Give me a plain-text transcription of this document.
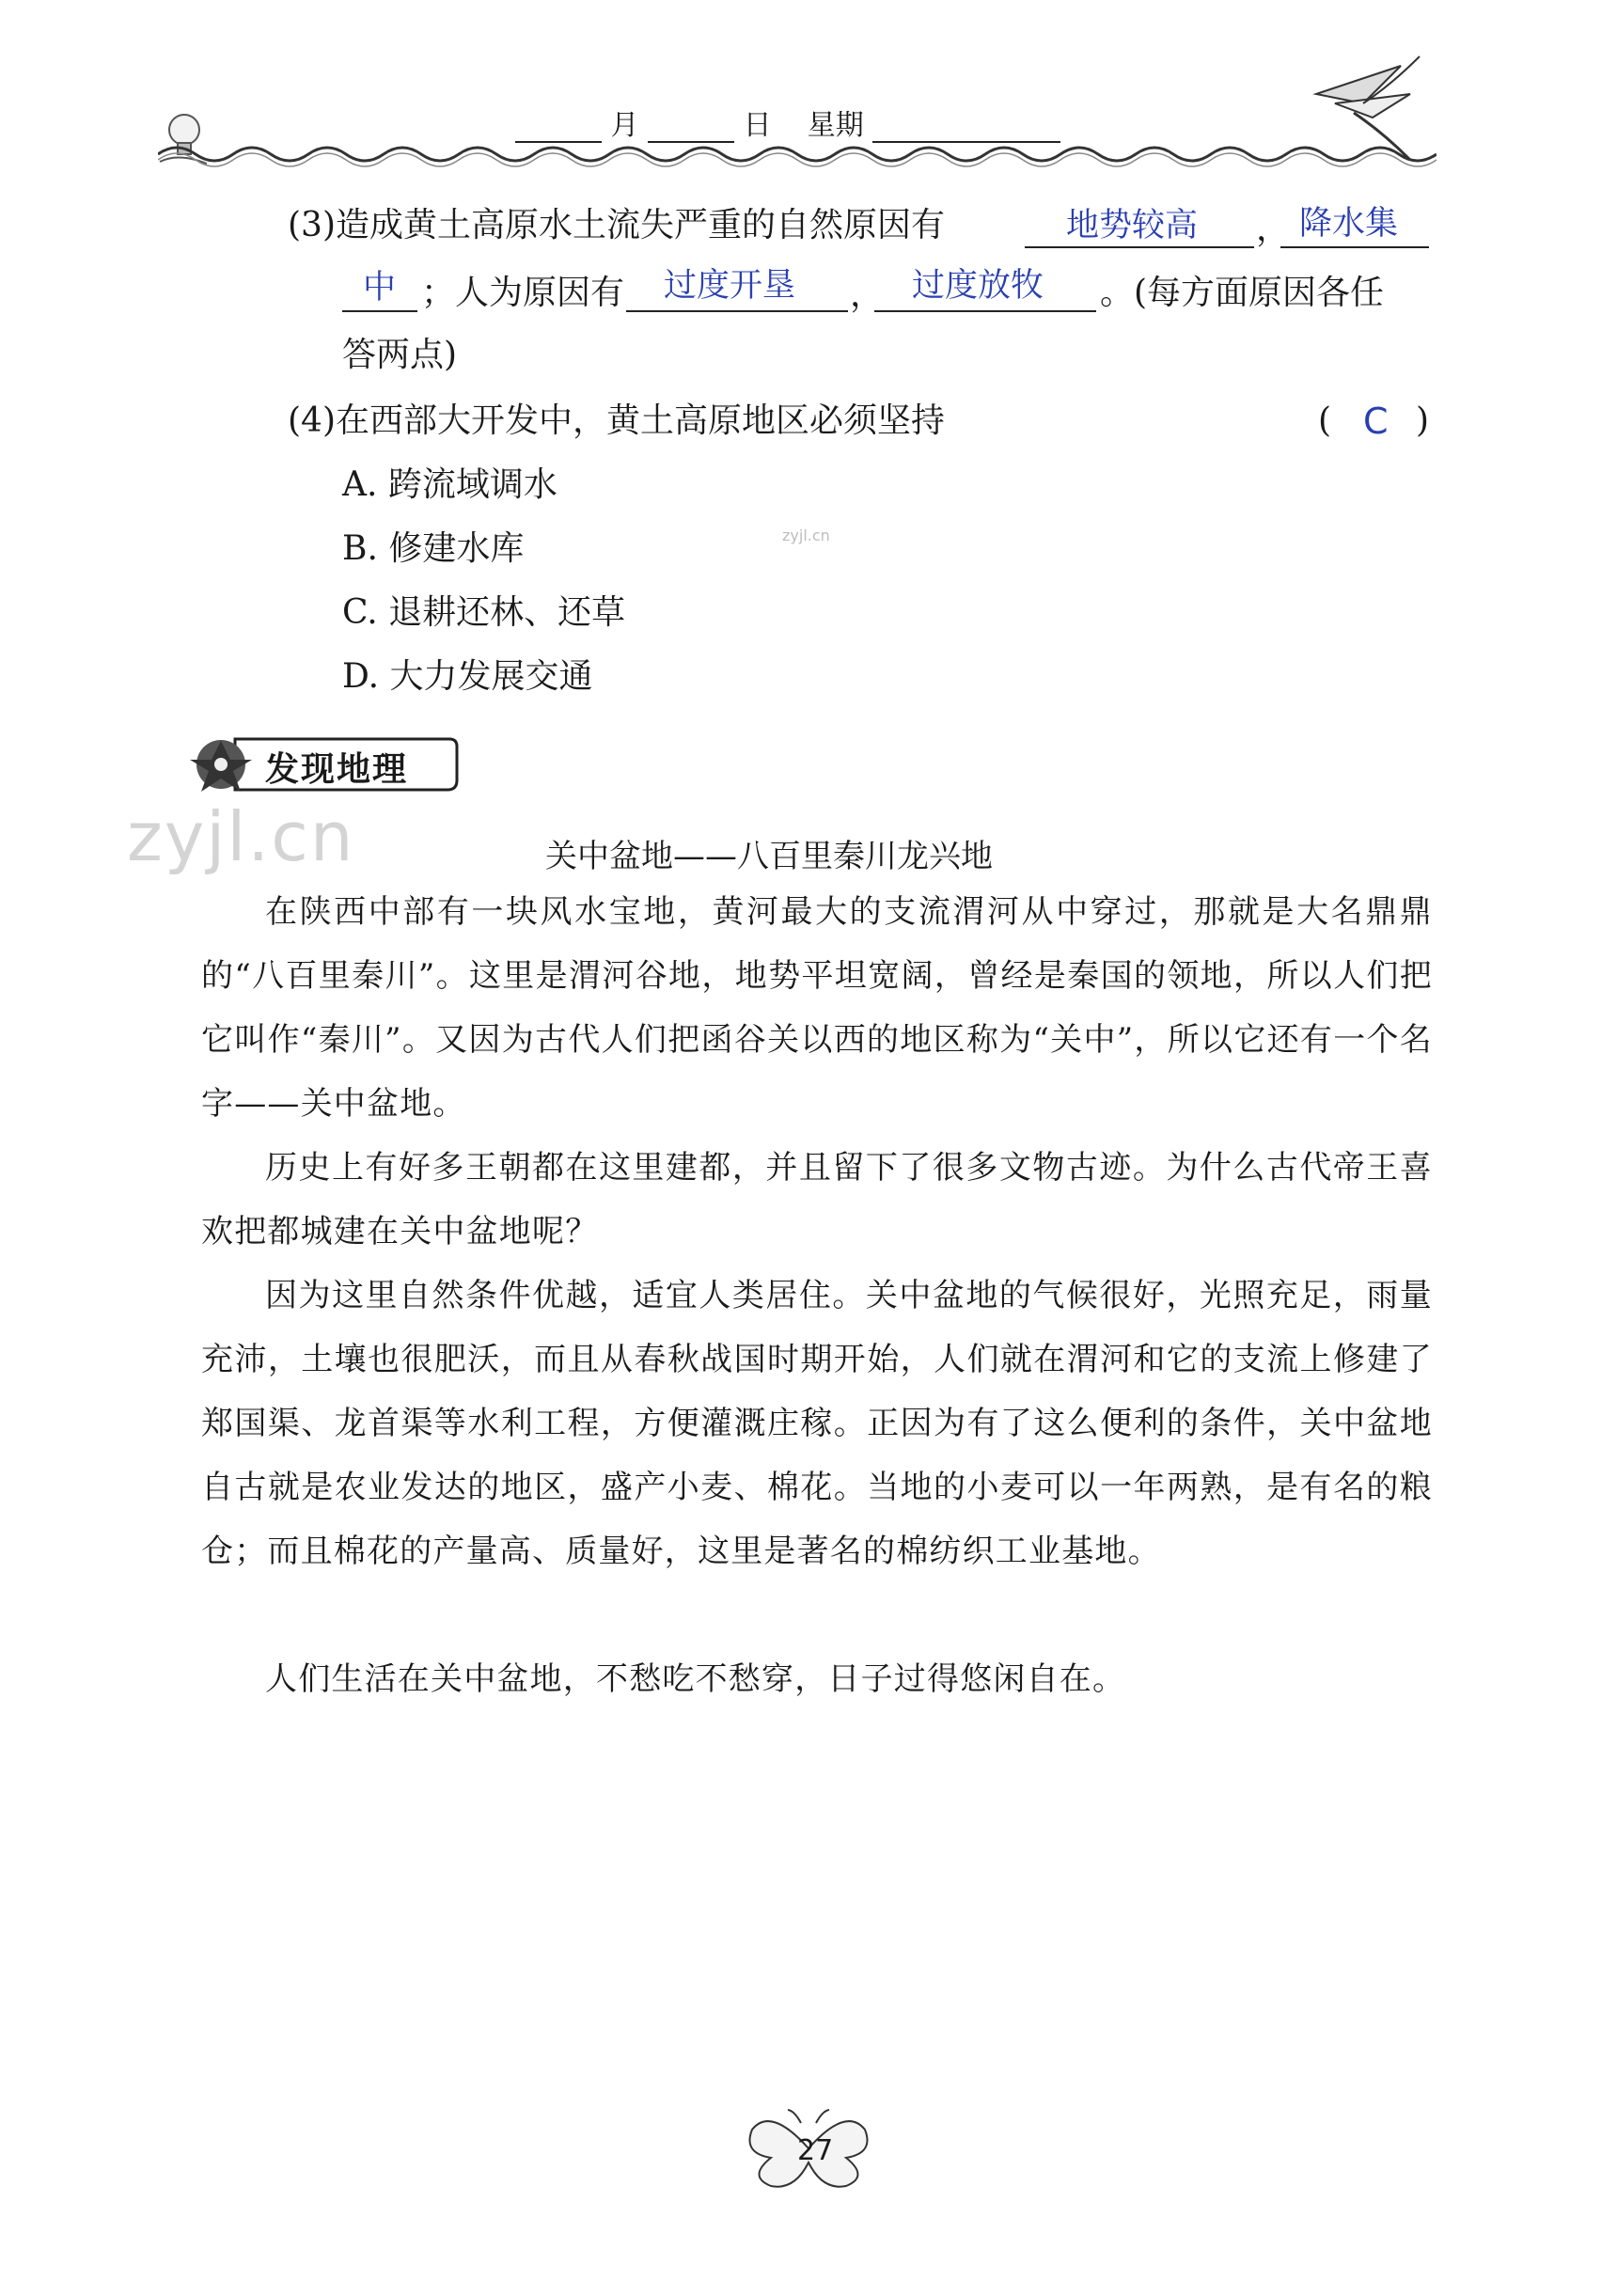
月	日 星期
(3)造成黄土高原水土流失严重的自然原因有	地势较高 ， 降水集
中 ；人为原因有 过度开垦 ， 过度放牧 。(每方面原因各任
答两点)
(4)在西部大开发中，黄土高原地区必须坚持	( C )
A. 跨流域调水
zyjl.cn
B. 修建水库
C. 退耕还林、还草
D. 大力发展交通
发现地理
zyjl.cn	关中盆地——八百里秦川龙兴地

在陕西中部有一块风水宝地，黄河最大的支流渭河从中穿过，那就是大名鼎鼎的“八百里秦川”。这里是渭河谷地，地势平坦宽阔，曾经是秦国的领地，所以人们把它叫作“秦川”。又因为古代人们把函谷关以西的地区称为“关中”，所以它还有一个名字——关中盆地。

历史上有好多王朝都在这里建都，并且留下了很多文物古迹。为什么古代帝王喜欢把都城建在关中盆地呢？

因为这里自然条件优越，适宜人类居住。关中盆地的气候很好，光照充足，雨量充沛，土壤也很肥沃，而且从春秋战国时期开始，人们就在渭河和它的支流上修建了郑国渠、龙首渠等水利工程，方便灌溉庄稼。正因为有了这么便利的条件，关中盆地自古就是农业发达的地区，盛产小麦、棉花。当地的小麦可以一年两熟，是有名的粮仓；而且棉花的产量高、质量好，这里是著名的棉纺织工业基地。

人们生活在关中盆地，不愁吃不愁穿，日子过得悠闲自在。

27
